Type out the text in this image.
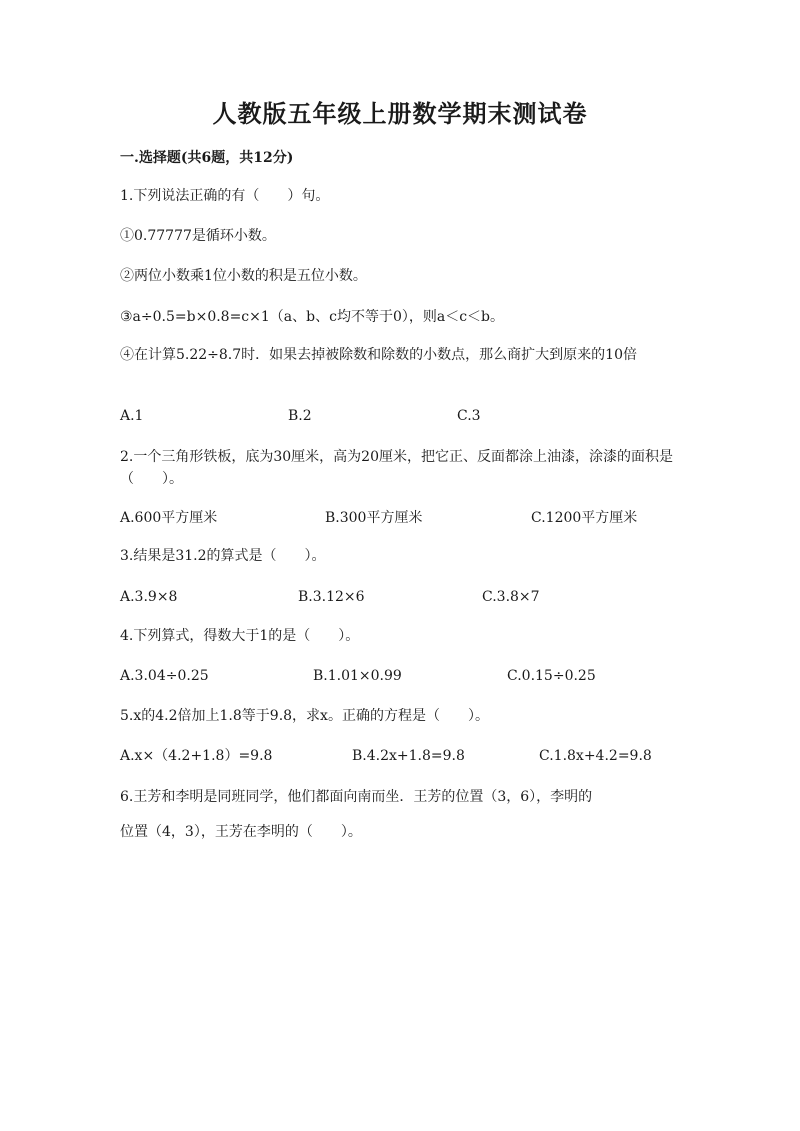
人教版五年级上册数学期末测试卷
一.选择题(共6题，共12分)
1.下列说法正确的有（　　）句。
①0.77777是循环小数。
②两位小数乘1位小数的积是五位小数。
③a÷0.5=b×0.8=c×1（a、b、c均不等于0），则a＜c＜b。
④在计算5.22÷8.7时．如果去掉被除数和除数的小数点，那么商扩大到原来的10倍
A.1	B.2	C.3
2.一个三角形铁板，底为30厘米，高为20厘米，把它正、反面都涂上油漆，涂漆的面积是（　　）。
A.600平方厘米	B.300平方厘米	C.1200平方厘米
3.结果是31.2的算式是（　　）。
A.3.9×8	B.3.12×6	C.3.8×7
4.下列算式，得数大于1的是（　　）。
A.3.04÷0.25	B.1.01×0.99	C.0.15÷0.25
5.x的4.2倍加上1.8等于9.8，求x。正确的方程是（　　）。
A.x×（4.2+1.8）=9.8	B.4.2x+1.8=9.8	C.1.8x+4.2=9.8
6.王芳和李明是同班同学，他们都面向南而坐．王芳的位置（3，6），李明的
位置（4，3），王芳在李明的（　　）。
